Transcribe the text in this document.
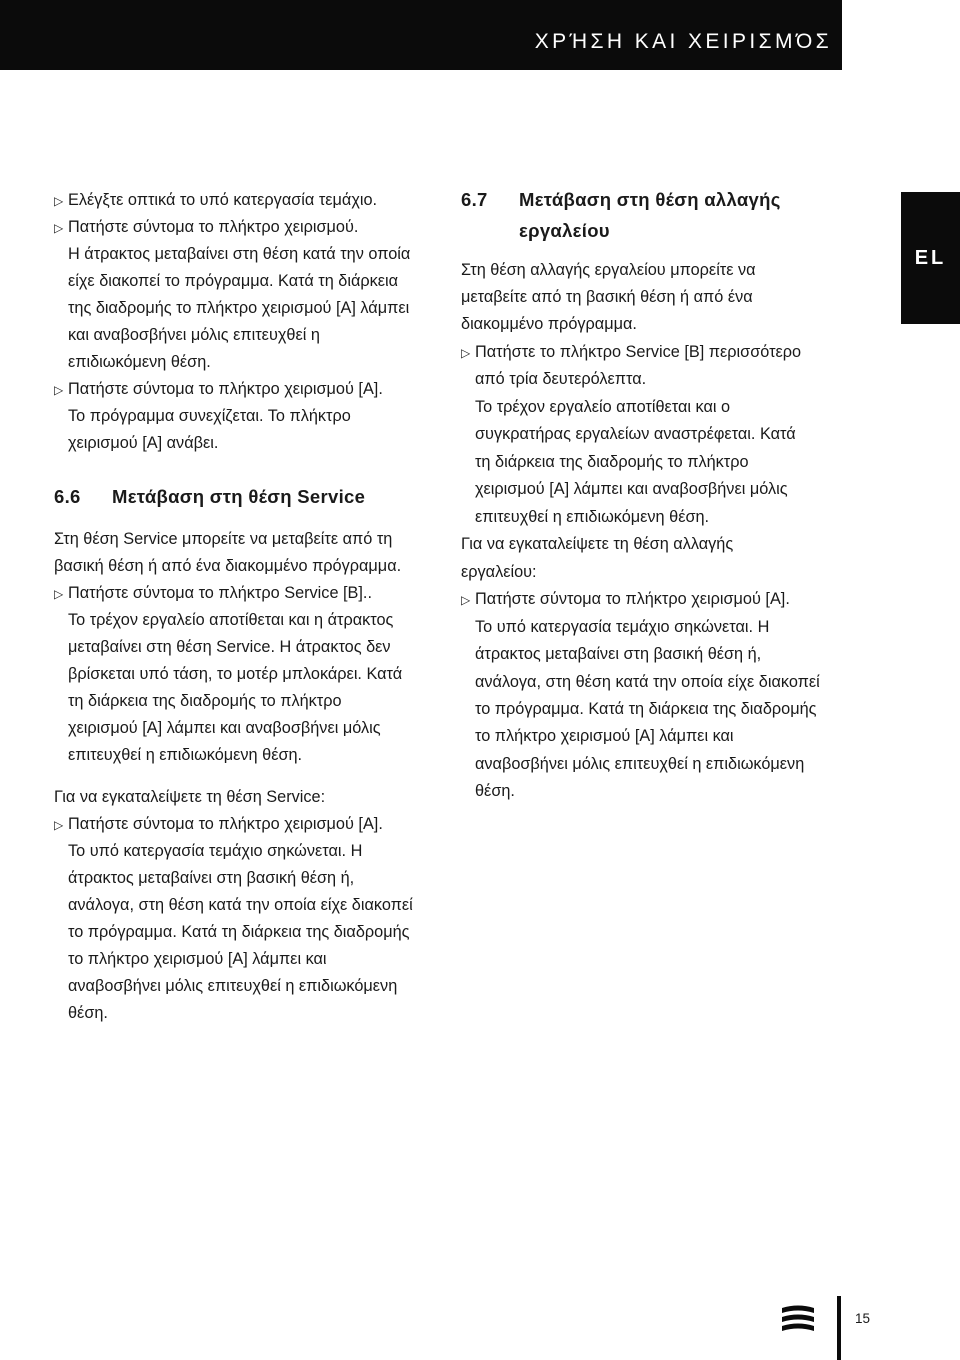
ΧΡΉΣΗ ΚΑΙ ΧΕΙΡΙΣΜΌΣ
EL
▷ Ελέγξτε οπτικά το υπό κατεργασία τεμάχιο.
▷ Πατήστε σύντομα το πλήκτρο χειρισμού.
Η άτρακτος μεταβαίνει στη θέση κατά την οποία
είχε διακοπεί το πρόγραμμα. Κατά τη διάρκεια
της διαδρομής το πλήκτρο χειρισμού [A] λάμπει
και αναβοσβήνει μόλις επιτευχθεί η
επιδιωκόμενη θέση.
▷ Πατήστε σύντομα το πλήκτρο χειρισμού [A].
Το πρόγραμμα συνεχίζεται. Το πλήκτρο
χειρισμού [A] ανάβει.
6.6 Μετάβαση στη θέση Service
Στη θέση Service μπορείτε να μεταβείτε από τη
βασική θέση ή από ένα διακομμένο πρόγραμμα.
▷ Πατήστε σύντομα το πλήκτρο Service [B]..
Το τρέχον εργαλείο αποτίθεται και η άτρακτος
μεταβαίνει στη θέση Service. Η άτρακτος δεν
βρίσκεται υπό τάση, το μοτέρ μπλοκάρει. Κατά
τη διάρκεια της διαδρομής το πλήκτρο
χειρισμού [A] λάμπει και αναβοσβήνει μόλις
επιτευχθεί η επιδιωκόμενη θέση.
Για να εγκαταλείψετε τη θέση Service:
▷ Πατήστε σύντομα το πλήκτρο χειρισμού [A].
Το υπό κατεργασία τεμάχιο σηκώνεται. Η
άτρακτος μεταβαίνει στη βασική θέση ή,
ανάλογα, στη θέση κατά την οποία είχε διακοπεί
το πρόγραμμα. Κατά τη διάρκεια της διαδρομής
το πλήκτρο χειρισμού [A] λάμπει και
αναβοσβήνει μόλις επιτευχθεί η επιδιωκόμενη
θέση.
6.7 Μετάβαση στη θέση αλλαγής
εργαλείου
Στη θέση αλλαγής εργαλείου μπορείτε να
μεταβείτε από τη βασική θέση ή από ένα
διακομμένο πρόγραμμα.
▷ Πατήστε το πλήκτρο Service [B] περισσότερο
από τρία δευτερόλεπτα.
Το τρέχον εργαλείο αποτίθεται και ο
συγκρατήρας εργαλείων αναστρέφεται. Κατά
τη διάρκεια της διαδρομής το πλήκτρο
χειρισμού [A] λάμπει και αναβοσβήνει μόλις
επιτευχθεί η επιδιωκόμενη θέση.
Για να εγκαταλείψετε τη θέση αλλαγής
εργαλείου:
▷ Πατήστε σύντομα το πλήκτρο χειρισμού [A].
Το υπό κατεργασία τεμάχιο σηκώνεται. Η
άτρακτος μεταβαίνει στη βασική θέση ή,
ανάλογα, στη θέση κατά την οποία είχε διακοπεί
το πρόγραμμα. Κατά τη διάρκεια της διαδρομής
το πλήκτρο χειρισμού [A] λάμπει και
αναβοσβήνει μόλις επιτευχθεί η επιδιωκόμενη
θέση.
15
